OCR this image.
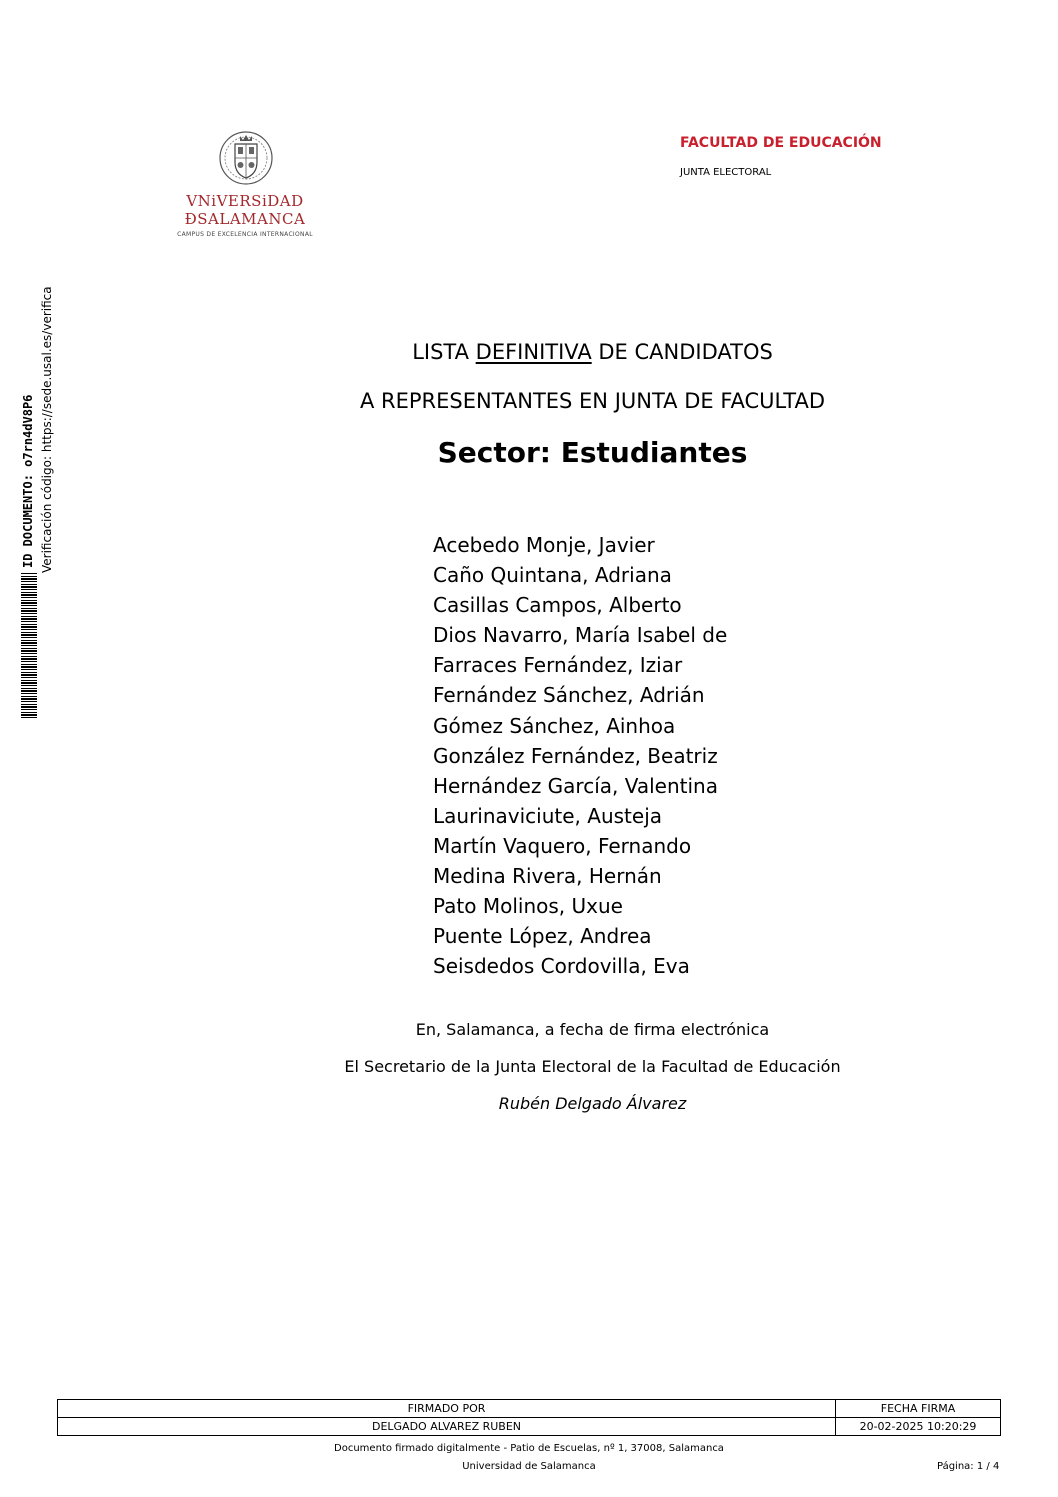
VNiVERSiDAD
ÐSALAMANCA
CAMPUS DE EXCELENCIA INTERNACIONAL
FACULTAD DE EDUCACIÓN
JUNTA ELECTORAL
ID DOCUMENTO: o7rn4dV8P6 Verificación código: https://sede.usal.es/verifica	LISTA DEFINITIVA DE CANDIDATOS
A REPRESENTANTES EN JUNTA DE FACULTAD
Sector: Estudiantes
Acebedo Monje, Javier
Caño Quintana, Adriana
Casillas Campos, Alberto
Dios Navarro, María Isabel de
Farraces Fernández, Iziar
Fernández Sánchez, Adrián
Gómez Sánchez, Ainhoa
González Fernández, Beatriz
Hernández García, Valentina
Laurinaviciute, Austeja
Martín Vaquero, Fernando
Medina Rivera, Hernán
Pato Molinos, Uxue
Puente López, Andrea
Seisdedos Cordovilla, Eva
En, Salamanca, a fecha de firma electrónica
El Secretario de la Junta Electoral de la Facultad de Educación
Rubén Delgado Álvarez
FIRMADO POR	FECHA FIRMA
DELGADO ALVAREZ RUBEN	20-02-2025 10:20:29
Documento firmado digitalmente - Patio de Escuelas, nº 1, 37008, Salamanca
Universidad de Salamanca	Página: 1 / 4
